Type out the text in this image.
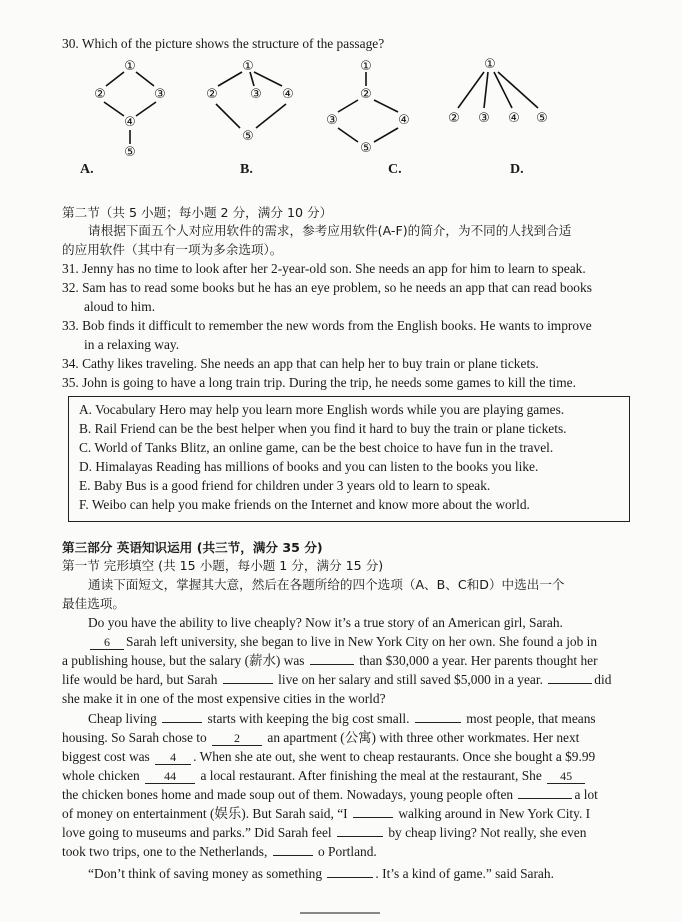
30. Which of the picture shows the structure of the passage?
①
②	③
④
⑤
①
② ③ ④
⑤
①
②
③	④
⑤
①
② ③ ④ ⑤
A.	B.	C.	D.
第二节（共 5 小题；每小题 2 分，满分 10 分）
请根据下面五个人对应用软件的需求，参考应用软件(A-F)的简介，为不同的人找到合适
的应用软件（其中有一项为多余选项）。
31. Jenny has no time to look after her 2-year-old son. She needs an app for him to learn to speak.
32. Sam has to read some books but he has an eye problem, so he needs an app that can read books
aloud to him.
33. Bob finds it difficult to remember the new words from the English books. He wants to improve
in a relaxing way.
34. Cathy likes traveling. She needs an app that can help her to buy train or plane tickets.
35. John is going to have a long train trip. During the trip, he needs some games to kill the time.
A. Vocabulary Hero may help you learn more English words while you are playing games.
B. Rail Friend can be the best helper when you find it hard to buy the train or plane tickets.
C. World of Tanks Blitz, an online game, can be the best choice to have fun in the travel.
D. Himalayas Reading has millions of books and you can listen to the books you like.
E. Baby Bus is a good friend for children under 3 years old to learn to speak.
F. Weibo can help you make friends on the Internet and know more about the world.
第三部分 英语知识运用 (共三节，满分 35 分)
第一节 完形填空 (共 15 小题，每小题 1 分，满分 15 分)
通读下面短文，掌握其大意，然后在各题所给的四个选项（A、B、C和D）中选出一个
最佳选项。
Do you have the ability to live cheaply? Now it’s a true story of an American girl, Sarah.
6 Sarah left university, she began to live in New York City on her own. She found a job in
a publishing house, but the salary (薪水) was	than $30,000 a year. Her parents thought her
life would be hard, but Sarah	live on her salary and still saved $5,000 in a year.	did
she make it in one of the most expensive cities in the world?
Cheap living	starts with keeping the big cost small.	most people, that means
housing. So Sarah chose to 2 an apartment (公寓) with three other workmates. Her next
biggest cost was 4 . When she ate out, she went to cheap restaurants. Once she bought a $9.99
whole chicken 44 a local restaurant. After finishing the meal at the restaurant, She 45
the chicken bones home and made soup out of them. Nowadays, young people often	a lot
of money on entertainment (娱乐). But Sarah said, “I	walking around in New York City. I
love going to museums and parks.” Did Sarah feel	by cheap living? Not really, she even
took two trips, one to the Netherlands,	o Portland.
“Don’t think of saving money as something	. It’s a kind of game.” said Sarah.
